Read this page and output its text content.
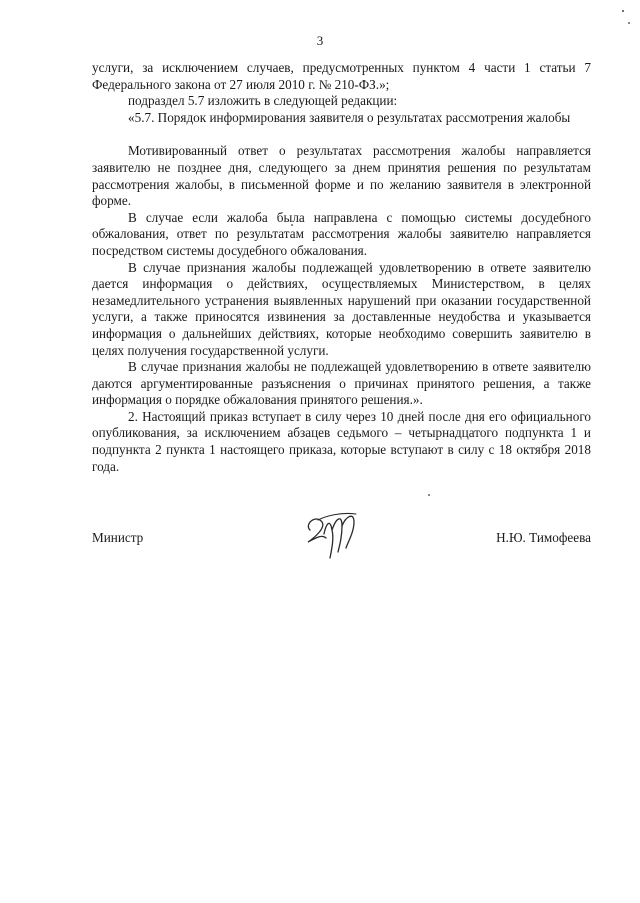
3

услуги, за исключением случаев, предусмотренных пунктом 4 части 1 статьи 7 Федерального закона от 27 июля 2010 г. № 210-ФЗ.»;

подраздел 5.7 изложить в следующей редакции:

«5.7. Порядок информирования заявителя о результатах рассмотрения жалобы

Мотивированный ответ о результатах рассмотрения жалобы направляется заявителю не позднее дня, следующего за днем принятия решения по результатам рассмотрения жалобы, в письменной форме и по желанию заявителя в электронной форме.

В случае если жалоба была направлена с помощью системы досудебного обжалования, ответ по результатам рассмотрения жалобы заявителю направляется посредством системы досудебного обжалования.

В случае признания жалобы подлежащей удовлетворению в ответе заявителю дается информация о действиях, осуществляемых Министерством, в целях незамедлительного устранения выявленных нарушений при оказании государственной услуги, а также приносятся извинения за доставленные неудобства и указывается информация о дальнейших действиях, которые необходимо совершить заявителю в целях получения государственной услуги.

В случае признания жалобы не подлежащей удовлетворению в ответе заявителю даются аргументированные разъяснения о причинах принятого решения, а также информация о порядке обжалования принятого решения.».

2. Настоящий приказ вступает в силу через 10 дней после дня его официального опубликования, за исключением абзацев седьмого – четырнадцатого подпункта 1 и подпункта 2 пункта 1 настоящего приказа, которые вступают в силу с 18 октября 2018 года.

Министр	Н.Ю. Тимофеева
